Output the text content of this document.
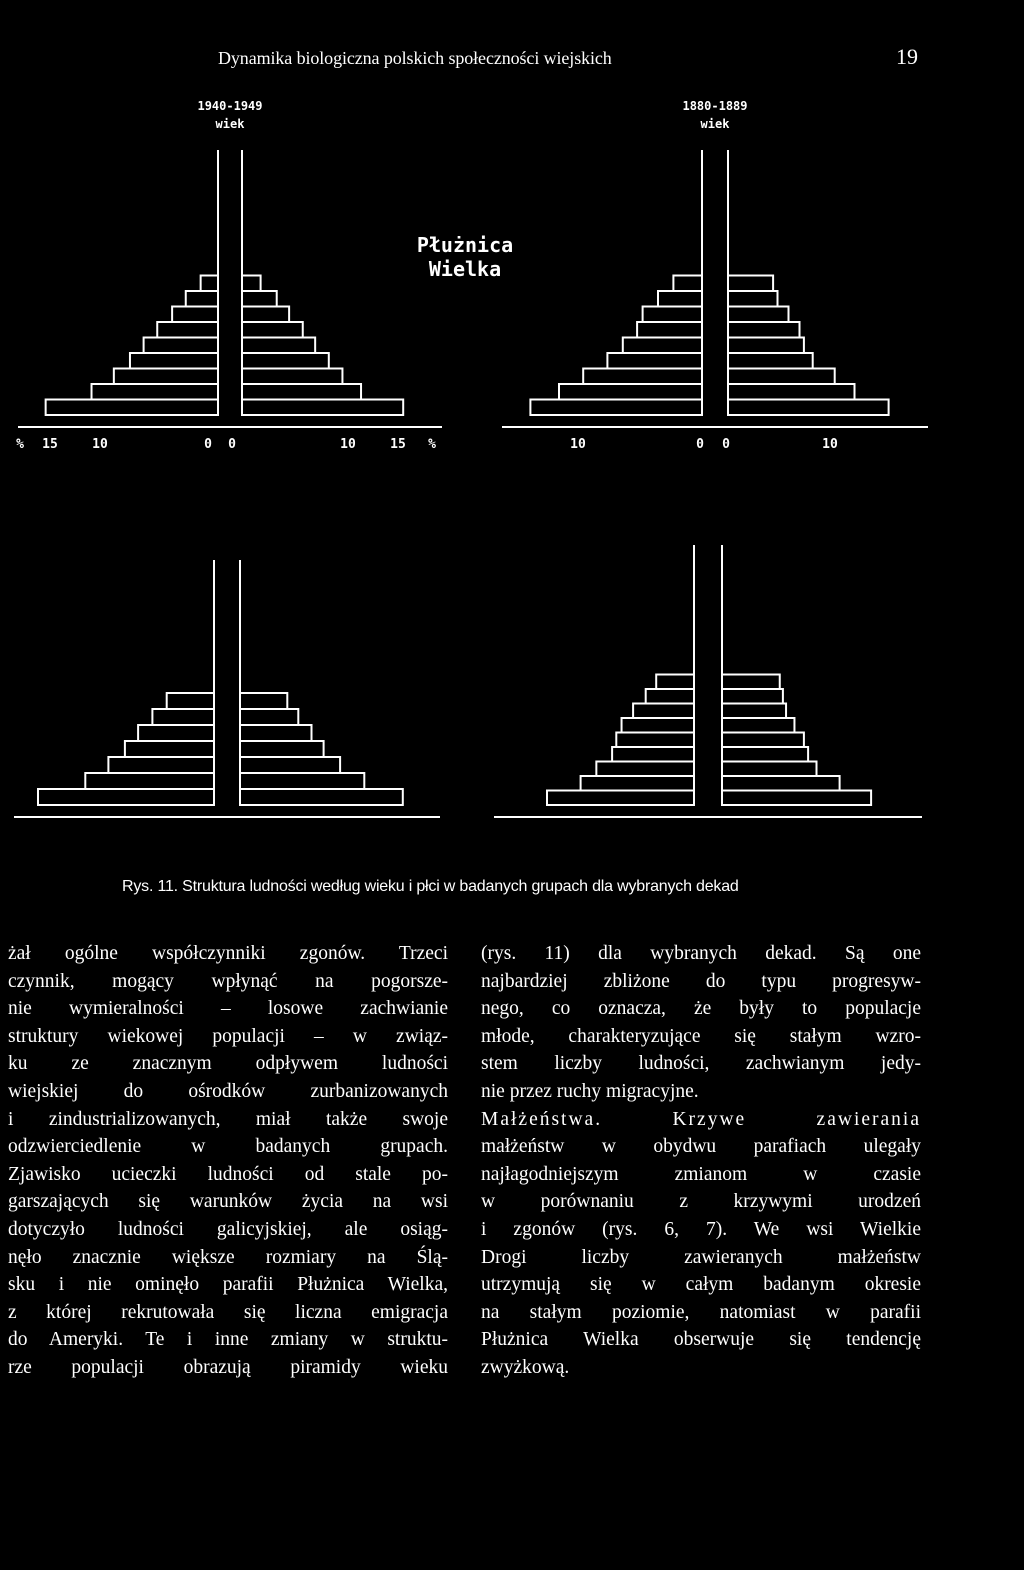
Dynamika biologiczna polskich społeczności wiejskich	19
1940-1949
wiek
1880-1889
wiek
Płużnica
Wielka
% 15	10	0 0	10	15 %	10	0 0	10
Rys. 11. Struktura ludności według wieku i płci w badanych grupach dla wybranych dekad
żał ogólne współczynniki zgonów. Trzeci
czynnik, mogący wpłynąć na pogorsze-
nie wymieralności – losowe zachwianie
struktury wiekowej populacji – w związ-
ku ze znacznym odpływem ludności
wiejskiej do ośrodków zurbanizowanych
i zindustrializowanych, miał także swoje
odzwierciedlenie w badanych grupach.
Zjawisko ucieczki ludności od stale po-
garszających się warunków życia na wsi
dotyczyło ludności galicyjskiej, ale osiąg-
nęło znacznie większe rozmiary na Ślą-
sku i nie ominęło parafii Płużnica Wielka,
z której rekrutowała się liczna emigracja
do Ameryki. Te i inne zmiany w struktu-
rze populacji obrazują piramidy wieku
(rys. 11) dla wybranych dekad. Są one
najbardziej zbliżone do typu progresyw-
nego, co oznacza, że były to populacje
młode, charakteryzujące się stałym wzro-
stem liczby ludności, zachwianym jedy-
nie przez ruchy migracyjne.
Małżeństwa. Krzywe zawierania
małżeństw w obydwu parafiach ulegały
najłagodniejszym zmianom w czasie
w porównaniu z krzywymi urodzeń
i zgonów (rys. 6, 7). We wsi Wielkie
Drogi liczby zawieranych małżeństw
utrzymują się w całym badanym okresie
na stałym poziomie, natomiast w parafii
Płużnica Wielka obserwuje się tendencję
zwyżkową.
